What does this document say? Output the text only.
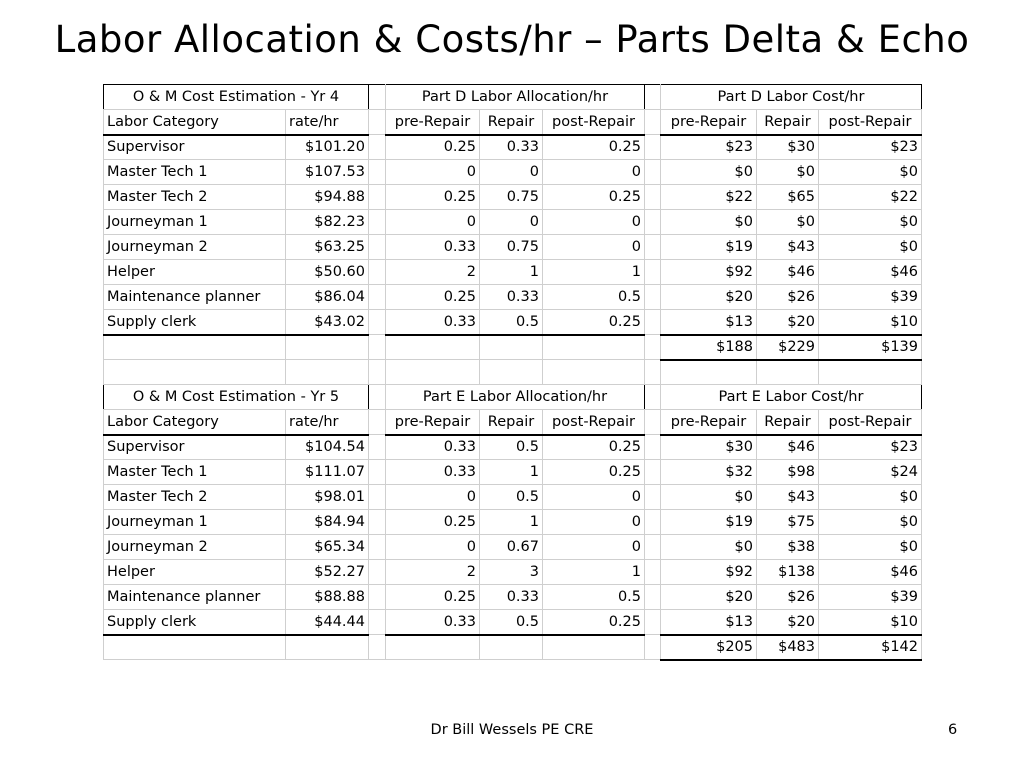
Labor Allocation & Costs/hr – Parts Delta & Echo
O & M Cost Estimation - Yr 4			Part D Labor Allocation/hr				Part D Labor Cost/hr		
Labor Category	rate/hr		pre-Repair	Repair	post-Repair		pre-Repair	Repair	post-Repair
Supervisor	$101.20		0.25	0.33	0.25		$23	$30	$23
Master Tech 1	$107.53		0	0	0		$0	$0	$0
Master Tech 2	$94.88		0.25	0.75	0.25		$22	$65	$22
Journeyman 1	$82.23		0	0	0		$0	$0	$0
Journeyman 2	$63.25		0.33	0.75	0		$19	$43	$0
Helper	$50.60		2	1	1		$92	$46	$46
Maintenance planner	$86.04		0.25	0.33	0.5		$20	$26	$39
Supply clerk	$43.02		0.33	0.5	0.25		$13	$20	$10
							$188	$229	$139

O & M Cost Estimation - Yr 5			Part E Labor Allocation/hr				Part E Labor Cost/hr		
Labor Category	rate/hr		pre-Repair	Repair	post-Repair		pre-Repair	Repair	post-Repair
Supervisor	$104.54		0.33	0.5	0.25		$30	$46	$23
Master Tech 1	$111.07		0.33	1	0.25		$32	$98	$24
Master Tech 2	$98.01		0	0.5	0		$0	$43	$0
Journeyman 1	$84.94		0.25	1	0		$19	$75	$0
Journeyman 2	$65.34		0	0.67	0		$0	$38	$0
Helper	$52.27		2	3	1		$92	$138	$46
Maintenance planner	$88.88		0.25	0.33	0.5		$20	$26	$39
Supply clerk	$44.44		0.33	0.5	0.25		$13	$20	$10
							$205	$483	$142
Dr Bill Wessels PE CRE	6
